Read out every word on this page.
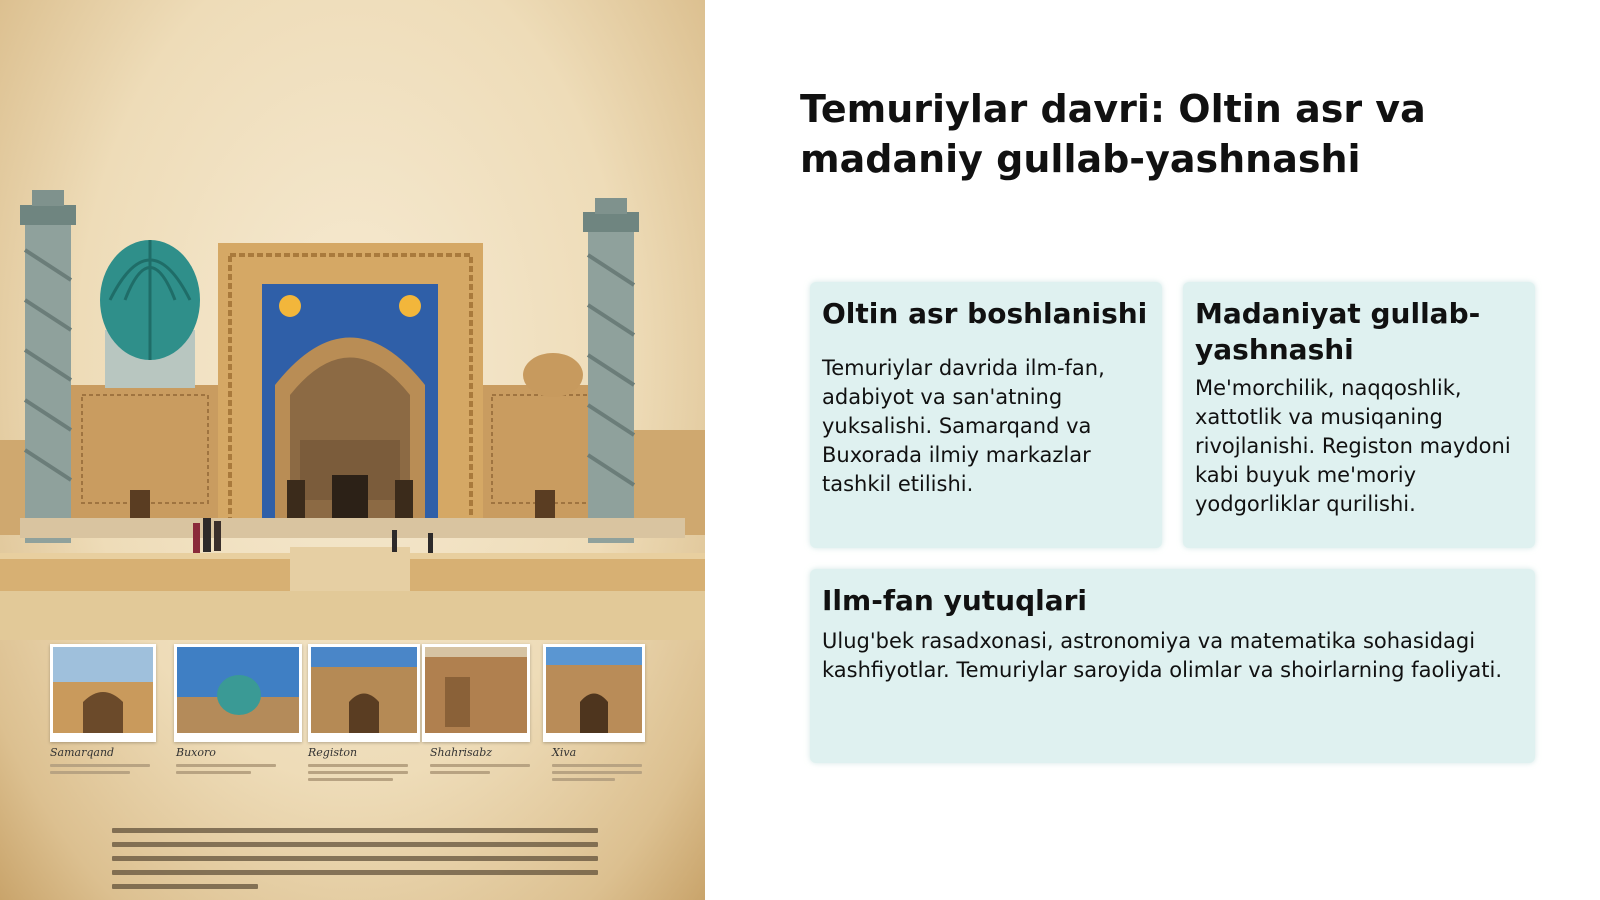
Samarqand	Buxoro	Registon	Shahrisabz	Xiva
Temuriylar davri: Oltin asr va madaniy gullab-yashnashi
Oltin asr boshlanishi

Temuriylar davrida ilm-fan, adabiyot va san'atning yuksalishi. Samarqand va Buxorada ilmiy markazlar tashkil etilishi.

Madaniyat gullab-yashnashi

Me'morchilik, naqqoshlik, xattotlik va musiqaning rivojlanishi. Registon maydoni kabi buyuk me'moriy yodgorliklar qurilishi.

Ilm-fan yutuqlari

Ulug'bek rasadxonasi, astronomiya va matematika sohasidagi kashfiyotlar. Temuriylar saroyida olimlar va shoirlarning faoliyati.
